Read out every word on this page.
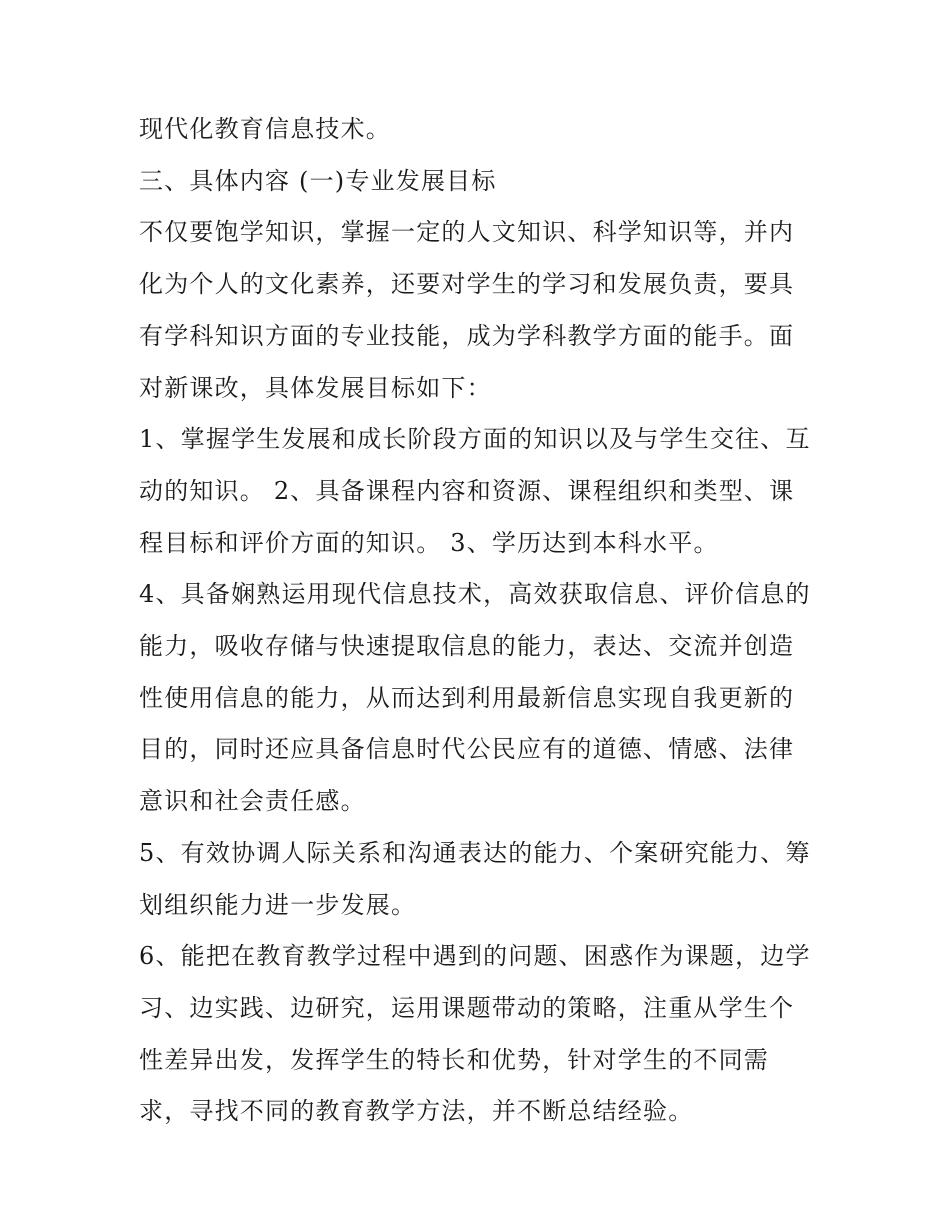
现代化教育信息技术。

三、具体内容 (一)专业发展目标

不仅要饱学知识，掌握一定的人文知识、科学知识等，并内化为个人的文化素养，还要对学生的学习和发展负责，要具有学科知识方面的专业技能，成为学科教学方面的能手。面对新课改，具体发展目标如下：

1、掌握学生发展和成长阶段方面的知识以及与学生交往、互动的知识。 2、具备课程内容和资源、课程组织和类型、课程目标和评价方面的知识。 3、学历达到本科水平。

4、具备娴熟运用现代信息技术，高效获取信息、评价信息的能力，吸收存储与快速提取信息的能力，表达、交流并创造性使用信息的能力，从而达到利用最新信息实现自我更新的目的，同时还应具备信息时代公民应有的道德、情感、法律意识和社会责任感。

5、有效协调人际关系和沟通表达的能力、个案研究能力、筹划组织能力进一步发展。

6、能把在教育教学过程中遇到的问题、困惑作为课题，边学习、边实践、边研究，运用课题带动的策略，注重从学生个性差异出发，发挥学生的特长和优势，针对学生的不同需求，寻找不同的教育教学方法，并不断总结经验。
